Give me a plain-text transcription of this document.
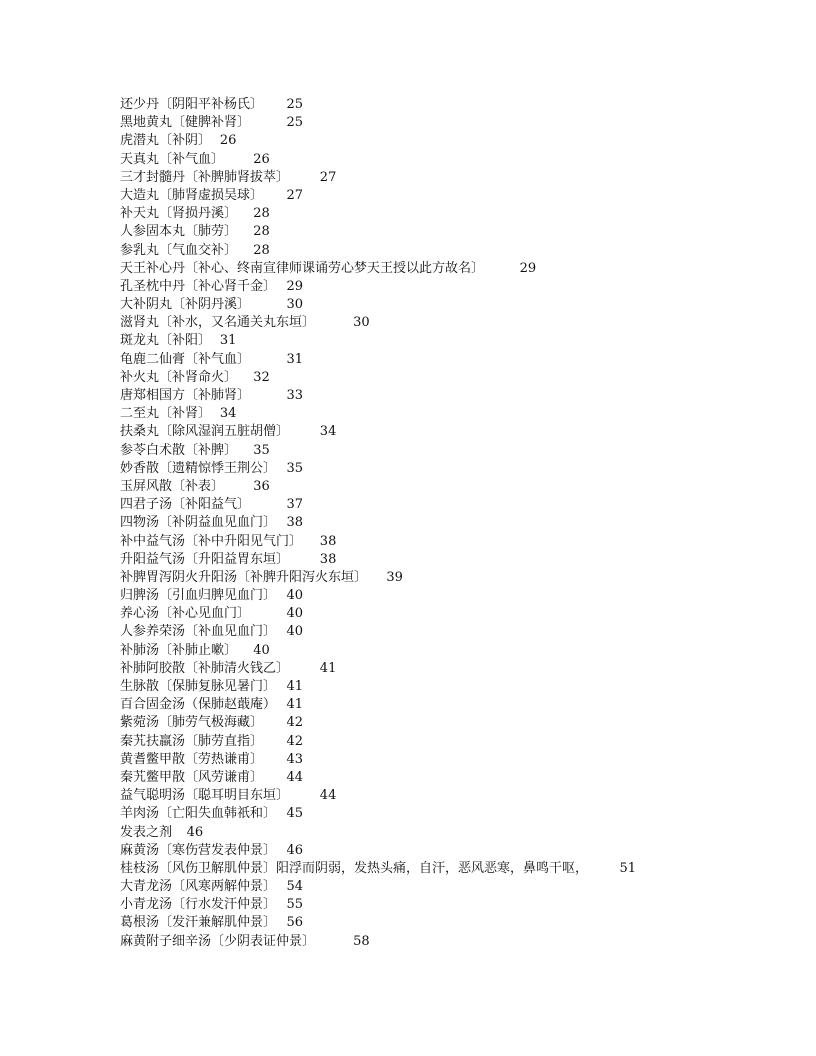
还少丹〔阴阳平补杨氏〕 25
黑地黄丸〔健脾补肾〕	25
虎潜丸〔补阴〕 26
天真丸〔补气血〕 26
三才封髓丹〔补脾肺肾拔萃〕 27
大造丸〔肺肾虚损吴球〕 27
补天丸〔肾损丹溪〕 28
人参固本丸〔肺劳〕 28
参乳丸〔气血交补〕 28
天王补心丹〔补心、终南宣律师课诵劳心梦天王授以此方故名〕	29
孔圣枕中丹〔补心肾千金〕 29
大补阴丸〔补阴丹溪〕	30
滋肾丸〔补水，又名通关丸东垣〕	30
斑龙丸〔补阳〕 31
龟鹿二仙膏〔补气血〕	31
补火丸〔补肾命火〕 32
唐郑相国方〔补肺肾〕	33
二至丸〔补肾〕 34
扶桑丸〔除风湿润五脏胡僧〕 34
参苓白术散〔补脾〕 35
妙香散〔遗精惊悸王荆公〕 35
玉屏风散〔补表〕 36
四君子汤〔补阳益气〕	37
四物汤〔补阴益血见血门〕 38
补中益气汤〔补中升阳见气门〕 38
升阳益气汤〔升阳益胃东垣〕 38
补脾胃泻阴火升阳汤〔补脾升阳泻火东垣〕 39
归脾汤〔引血归脾见血门〕 40
养心汤〔补心见血门〕	40
人参养荣汤〔补血见血门〕 40
补肺汤〔补肺止嗽〕 40
补肺阿胶散〔补肺清火钱乙〕 41
生脉散〔保肺复脉见暑门〕 41
百合固金汤（保肺赵蕺庵） 41
紫菀汤〔肺劳气极海藏〕 42
秦艽扶羸汤〔肺劳直指〕 42
黄耆鳖甲散〔劳热谦甫〕 43
秦艽鳖甲散〔风劳谦甫〕 44
益气聪明汤〔聪耳明目东垣〕 44
羊肉汤〔亡阳失血韩祇和〕 45
发表之剂 46
麻黄汤〔寒伤营发表仲景〕 46
桂枝汤〔风伤卫解肌仲景〕阳浮而阴弱，发热头痛，自汗，恶风恶寒，鼻鸣干呕， 51
大青龙汤〔风寒两解仲景〕 54
小青龙汤〔行水发汗仲景〕 55
葛根汤〔发汗兼解肌仲景〕 56
麻黄附子细辛汤〔少阴表证仲景〕	58
